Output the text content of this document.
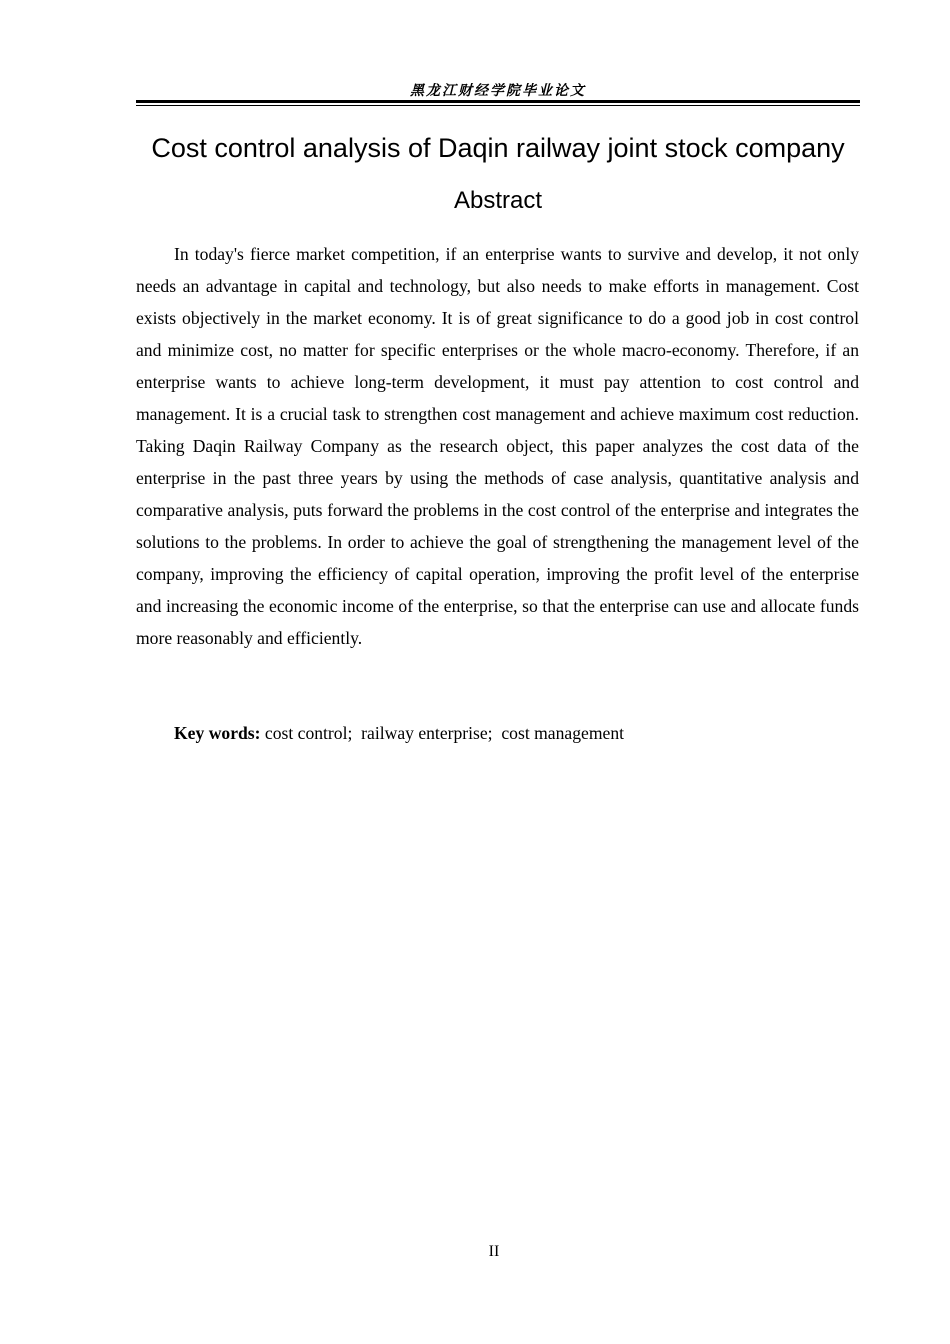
黑龙江财经学院毕业论文
Cost control analysis of Daqin railway joint stock company
Abstract

In today's fierce market competition, if an enterprise wants to survive and develop, it not only needs an advantage in capital and technology, but also needs to make efforts in management. Cost exists objectively in the market economy. It is of great significance to do a good job in cost control and minimize cost, no matter for specific enterprises or the whole macro-economy. Therefore, if an enterprise wants to achieve long-term development, it must pay attention to cost control and management. It is a crucial task to strengthen cost management and achieve maximum cost reduction. Taking Daqin Railway Company as the research object, this paper analyzes the cost data of the enterprise in the past three years by using the methods of case analysis, quantitative analysis and comparative analysis, puts forward the problems in the cost control of the enterprise and integrates the solutions to the problems. In order to achieve the goal of strengthening the management level of the company, improving the efficiency of capital operation, improving the profit level of the enterprise and increasing the economic income of the enterprise, so that the enterprise can use and allocate funds more reasonably and efficiently.

Key words: cost control; railway enterprise; cost management
II
